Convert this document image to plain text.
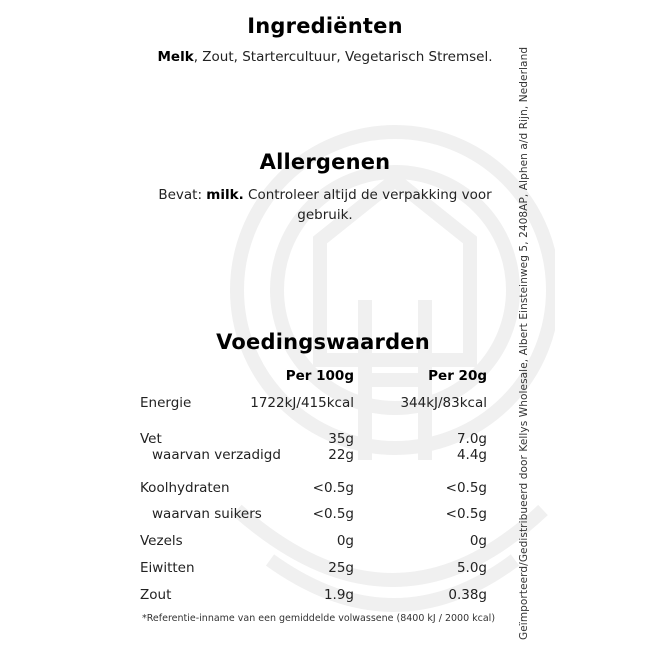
Ingrediënten
Melk, Zout, Startercultuur, Vegetarisch Stremsel.
Allergenen
Bevat: milk. Controleer altijd de verpakking voor
gebruik.
Voedingswaarden
Per 100g	Per 20g
Energie	1722kJ/415kcal	344kJ/83kcal
Vet	35g	7.0g
waarvan verzadigd	22g	4.4g
Koolhydraten	<0.5g	<0.5g
waarvan suikers	<0.5g	<0.5g
Vezels	0g	0g
Eiwitten	25g	5.0g
Zout	1.9g	0.38g
*Referentie-inname van een gemiddelde volwassene (8400 kJ / 2000 kcal) Geïmporteerd/Gedistribueerd door Kellys Wholesale, Albert Einsteinweg 5, 2408AP, Alphen a/d Rijn, Nederland
